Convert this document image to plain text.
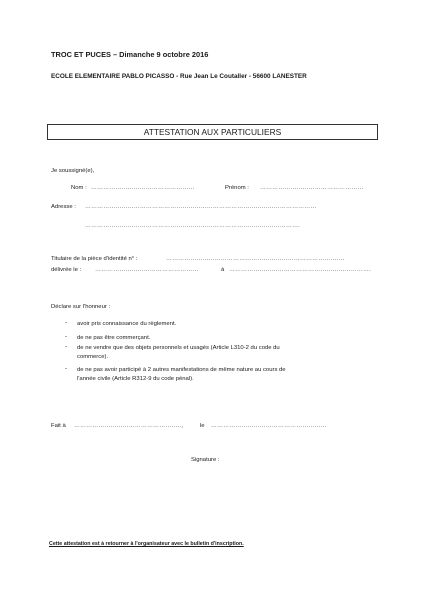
TROC ET PUCES – Dimanche 9 octobre 2016
ECOLE ELEMENTAIRE PABLO PICASSO - Rue Jean Le Coutaller - 56600 LANESTER
ATTESTATION AUX PARTICULIERS
Je soussigné(e),
Nom : ……………………………………………	Prénom : ……………………………………………
Adresse : ……………………………………………………………………………………………………
…………………………………………………………………………………………….
Titulaire de la pièce d'identité n° :	…………………………………………………………………………….
délivrée le : ……………………………………………	à …………………………………………………………….
Déclare sur l'honneur :
- avoir pris connaissance du règlement.
- de ne pas être commerçant.
- de ne vendre que des objets personnels et usagés (Article L310-2 du code du
commerce).
- de ne pas avoir participé à 2 autres manifestations de même nature au cours de
l'année civile (Article R312-9 du code pénal).
Fait à ……………………………………………..,	le …………………………………………………
Signature :
Cette attestation est à retourner à l'organisateur avec le bulletin d'inscription.
